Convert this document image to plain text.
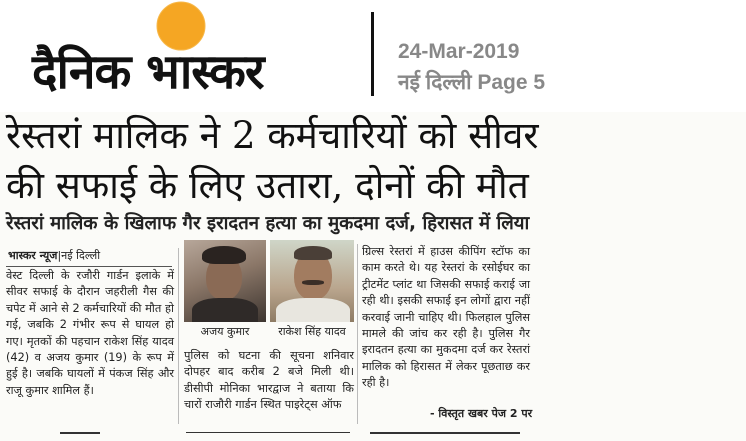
दैनिक भास्कर	24-Mar-2019
नई दिल्ली Page 5
रेस्तरां मालिक ने 2 कर्मचारियों को सीवर
की सफाई के लिए उतारा, दोनों की मौत
रेस्तरां मालिक के खिलाफ गैर इरादतन हत्या का मुकदमा दर्ज, हिरासत में लिया
भास्कर न्यूज|नई दिल्ली
वेस्ट दिल्ली के रजौरी गार्डन इलाके में सीवर सफाई के दौरान जहरीली गैस की चपेट में आने से 2 कर्मचारियों की मौत हो गई, जबकि 2 गंभीर रूप से घायल हो गए। मृतकों की पहचान राकेश सिंह यादव (42) व अजय कुमार (19) के रूप में हुई है। जबकि घायलों में पंकज सिंह और राजू कुमार शामिल हैं।
अजय कुमार	राकेश सिंह यादव
पुलिस को घटना की सूचना शनिवार दोपहर बाद करीब 2 बजे मिली थी। डीसीपी मोनिका भारद्वाज ने बताया कि चारों राजौरी गार्डन स्थित पाइरेट्स ऑफ
ग्रिल्स रेस्तरां में हाउस कीपिंग स्टॉफ का काम करते थे। यह रेस्तरां के रसोईघर का ट्रीटमेंट प्लांट था जिसकी सफाई कराई जा रही थी। इसकी सफाई इन लोगों द्वारा नहीं करवाई जानी चाहिए थी। फिलहाल पुलिस मामले की जांच कर रही है। पुलिस गैर इरादतन हत्या का मुकदमा दर्ज कर रेस्तरां मालिक को हिरासत में लेकर पूछताछ कर रही है।
- विस्तृत खबर पेज 2 पर
